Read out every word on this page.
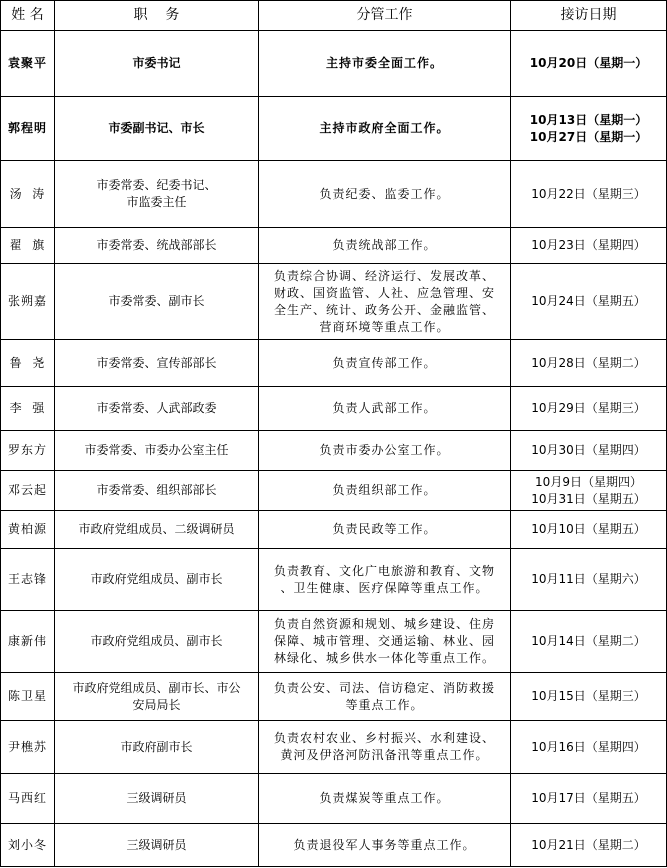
姓 名	职    务	分管工作	接访日期
袁聚平	市委书记	主持市委全面工作。	10月20日（星期一）

郭程明	市委副书记、市长	主持市政府全面工作。	10月13日（星期一）
10月27日（星期一）

汤  涛	市委常委、纪委书记、
市监委主任	负责纪委、监委工作。	10月22日（星期三）

翟  旗	市委常委、统战部部长	负责统战部工作。	10月23日（星期四）

张朔嘉	市委常委、副市长	负责综合协调、经济运行、发展改革、
财政、国资监管、人社、应急管理、安
全生产、统计、政务公开、金融监管、
营商环境等重点工作。	10月24日（星期五）

鲁  尧	市委常委、宣传部部长	负责宣传部工作。	10月28日（星期二）

李  强	市委常委、人武部政委	负责人武部工作。	10月29日（星期三）

罗东方	市委常委、市委办公室主任	负责市委办公室工作。	10月30日（星期四）

邓云起	市委常委、组织部部长	负责组织部工作。	10月9日（星期四）
10月31日（星期五）

黄柏源	市政府党组成员、二级调研员	负责民政等工作。	10月10日（星期五）

王志锋	市政府党组成员、副市长	负责教育、文化广电旅游和教育、文物
、卫生健康、医疗保障等重点工作。	10月11日（星期六）

康新伟	市政府党组成员、副市长	负责自然资源和规划、城乡建设、住房
保障、城市管理、交通运输、林业、园
林绿化、城乡供水一体化等重点工作。	10月14日（星期二）

陈卫星	市政府党组成员、副市长、市公
安局局长	负责公安、司法、信访稳定、消防救援
等重点工作。	10月15日（星期三）

尹樵苏	市政府副市长	负责农村农业、乡村振兴、水利建设、
黄河及伊洛河防汛备汛等重点工作。	10月16日（星期四）

马西红	三级调研员	负责煤炭等重点工作。	10月17日（星期五）

刘小冬	三级调研员	负责退役军人事务等重点工作。	10月21日（星期二）
